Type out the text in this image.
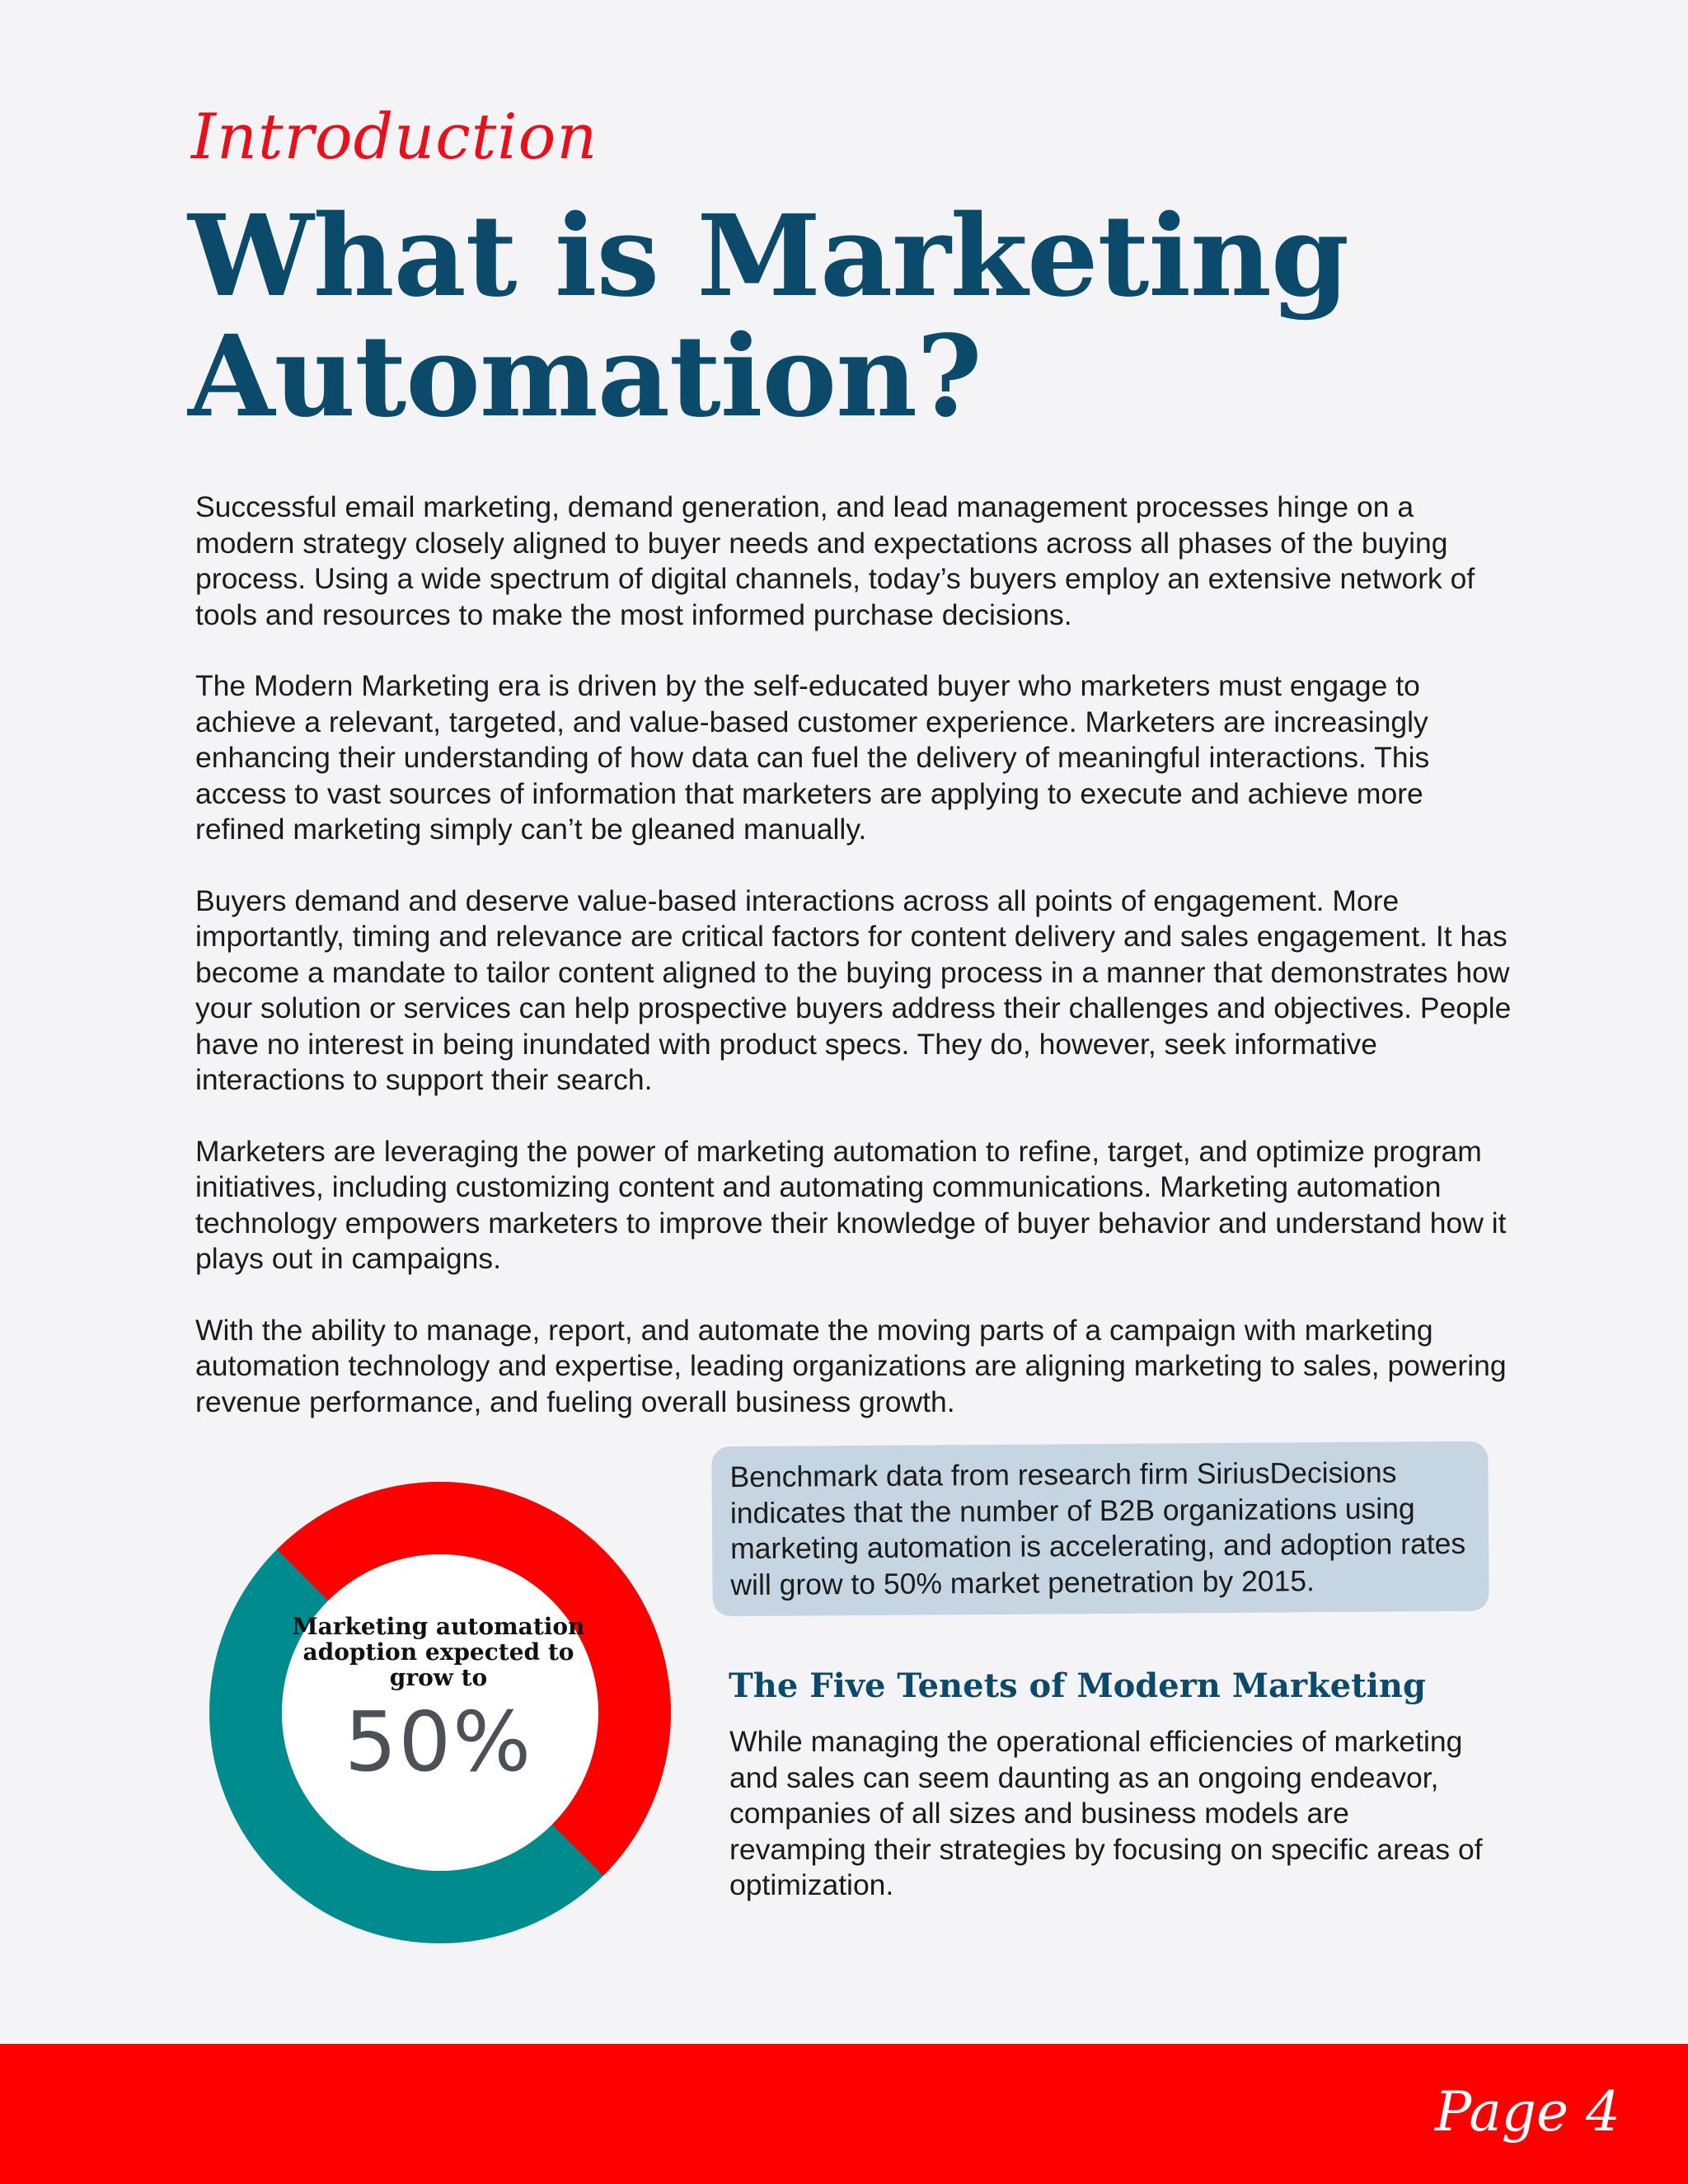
Introduction
What is Marketing Automation?

Successful email marketing, demand generation, and lead management processes hinge on a modern strategy closely aligned to buyer needs and expectations across all phases of the buying process. Using a wide spectrum of digital channels, today’s buyers employ an extensive network of tools and resources to make the most informed purchase decisions.

The Modern Marketing era is driven by the self-educated buyer who marketers must engage to achieve a relevant, targeted, and value-based customer experience. Marketers are increasingly enhancing their understanding of how data can fuel the delivery of meaningful interactions. This access to vast sources of information that marketers are applying to execute and achieve more refined marketing simply can’t be gleaned manually.

Buyers demand and deserve value-based interactions across all points of engagement. More importantly, timing and relevance are critical factors for content delivery and sales engagement. It has become a mandate to tailor content aligned to the buying process in a manner that demonstrates how your solution or services can help prospective buyers address their challenges and objectives. People have no interest in being inundated with product specs. They do, however, seek informative interactions to support their search.

Marketers are leveraging the power of marketing automation to refine, target, and optimize program initiatives, including customizing content and automating communications. Marketing automation technology empowers marketers to improve their knowledge of buyer behavior and understand how it plays out in campaigns.

With the ability to manage, report, and automate the moving parts of a campaign with marketing automation technology and expertise, leading organizations are aligning marketing to sales, powering revenue performance, and fueling overall business growth.

Marketing automation adoption expected to grow to
50%
Benchmark data from research firm SiriusDecisions indicates that the number of B2B organizations using marketing automation is accelerating, and adoption rates will grow to 50% market penetration by 2015.
The Five Tenets of Modern Marketing
While managing the operational efficiencies of marketing and sales can seem daunting as an ongoing endeavor, companies of all sizes and business models are revamping their strategies by focusing on specific areas of optimization.
Page 4
